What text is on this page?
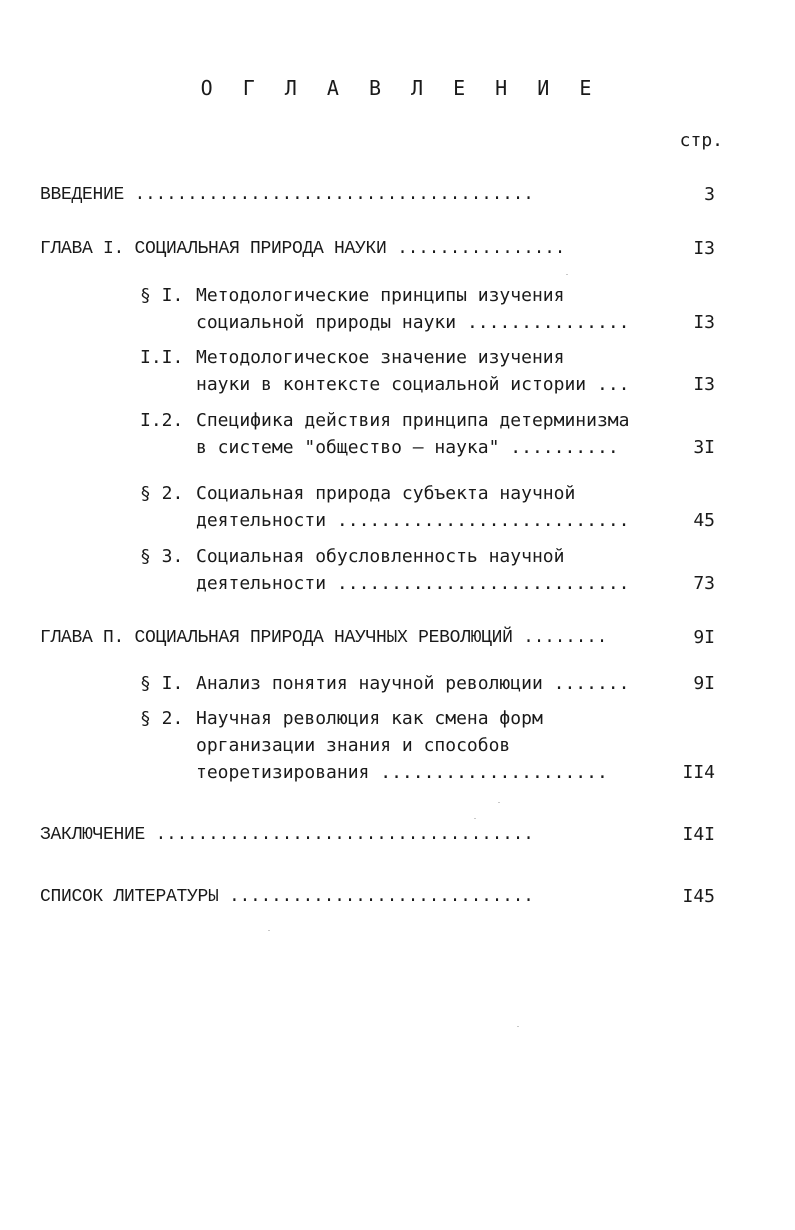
О Г Л А В Л Е Н И Е
стр.
ВВЕДЕНИЕ ......................................	3
ГЛАВА I. СОЦИАЛЬНАЯ ПРИРОДА НАУКИ ................	I3
§ I. Методологические принципы изучения
социальной природы науки ...............	I3
I.I. Методологическое значение изучения
науки в контексте социальной истории ...	I3
I.2. Специфика действия принципа детерминизма
в системе "общество – наука" ..........	3I
§ 2. Социальная природа субъекта научной
деятельности ...........................	45
§ 3. Социальная обусловленность научной
деятельности ...........................	73
ГЛАВА П. СОЦИАЛЬНАЯ ПРИРОДА НАУЧНЫХ РЕВОЛЮЦИЙ ........	9I
§ I. Анализ понятия научной революции .......	9I
§ 2. Научная революция как смена форм
организации знания и способов
теоретизирования .....................	II4
ЗАКЛЮЧЕНИЕ ....................................	I4I
СПИСОК ЛИТЕРАТУРЫ .............................	I45
